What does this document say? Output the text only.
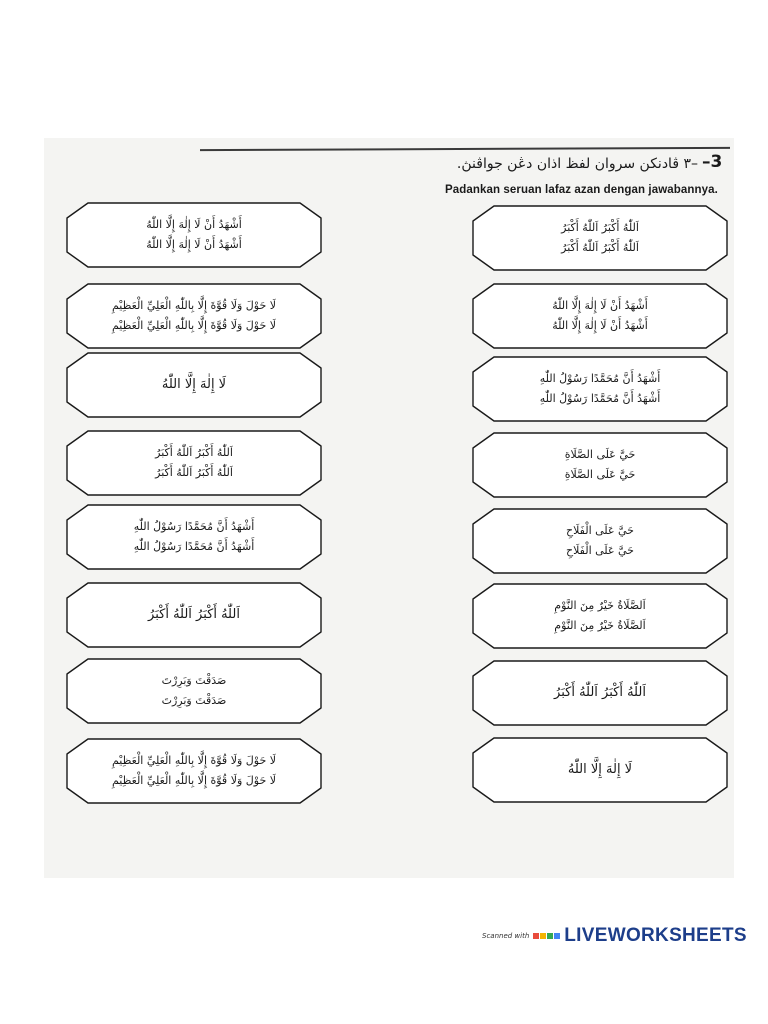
–3
–٣ ڤادنكن سروان لفظ اذان دڠن جواڤنڽ.
Padankan seruan lafaz azan dengan jawabannya.
أَشْهَدُ أَنْ لَا إِلٰهَ إِلَّا اللّٰهُ
أَشْهَدُ أَنْ لَا إِلٰهَ إِلَّا اللّٰهُ
لَا حَوْلَ وَلَا قُوَّةَ إِلَّا بِاللّٰهِ الْعَلِيِّ الْعَظِيْمِ
لَا حَوْلَ وَلَا قُوَّةَ إِلَّا بِاللّٰهِ الْعَلِيِّ الْعَظِيْمِ
لَا إِلٰهَ إِلَّا اللّٰهُ
اَللّٰهُ أَكْبَرُ اَللّٰهُ أَكْبَرُ
اَللّٰهُ أَكْبَرُ اَللّٰهُ أَكْبَرُ
أَشْهَدُ أَنَّ مُحَمَّدًا رَسُوْلُ اللّٰهِ
أَشْهَدُ أَنَّ مُحَمَّدًا رَسُوْلُ اللّٰهِ
اَللّٰهُ أَكْبَرُ اَللّٰهُ أَكْبَرُ
صَدَقْتَ وَبَرِرْتَ
صَدَقْتَ وَبَرِرْتَ
لَا حَوْلَ وَلَا قُوَّةَ إِلَّا بِاللّٰهِ الْعَلِيِّ الْعَظِيْمِ
لَا حَوْلَ وَلَا قُوَّةَ إِلَّا بِاللّٰهِ الْعَلِيِّ الْعَظِيْمِ
اَللّٰهُ أَكْبَرُ اَللّٰهُ أَكْبَرُ
اَللّٰهُ أَكْبَرُ اَللّٰهُ أَكْبَرُ
أَشْهَدُ أَنْ لَا إِلٰهَ إِلَّا اللّٰهُ
أَشْهَدُ أَنْ لَا إِلٰهَ إِلَّا اللّٰهُ
أَشْهَدُ أَنَّ مُحَمَّدًا رَسُوْلُ اللّٰهِ
أَشْهَدُ أَنَّ مُحَمَّدًا رَسُوْلُ اللّٰهِ
حَيَّ عَلَى الصَّلَاةِ
حَيَّ عَلَى الصَّلَاةِ
حَيَّ عَلَى الْفَلَاحِ
حَيَّ عَلَى الْفَلَاحِ
اَلصَّلَاةُ خَيْرٌ مِنَ النَّوْمِ
اَلصَّلَاةُ خَيْرٌ مِنَ النَّوْمِ
اَللّٰهُ أَكْبَرُ اَللّٰهُ أَكْبَرُ
لَا إِلٰهَ إِلَّا اللّٰهُ
Scanned with LIVEWORKSHEETS
